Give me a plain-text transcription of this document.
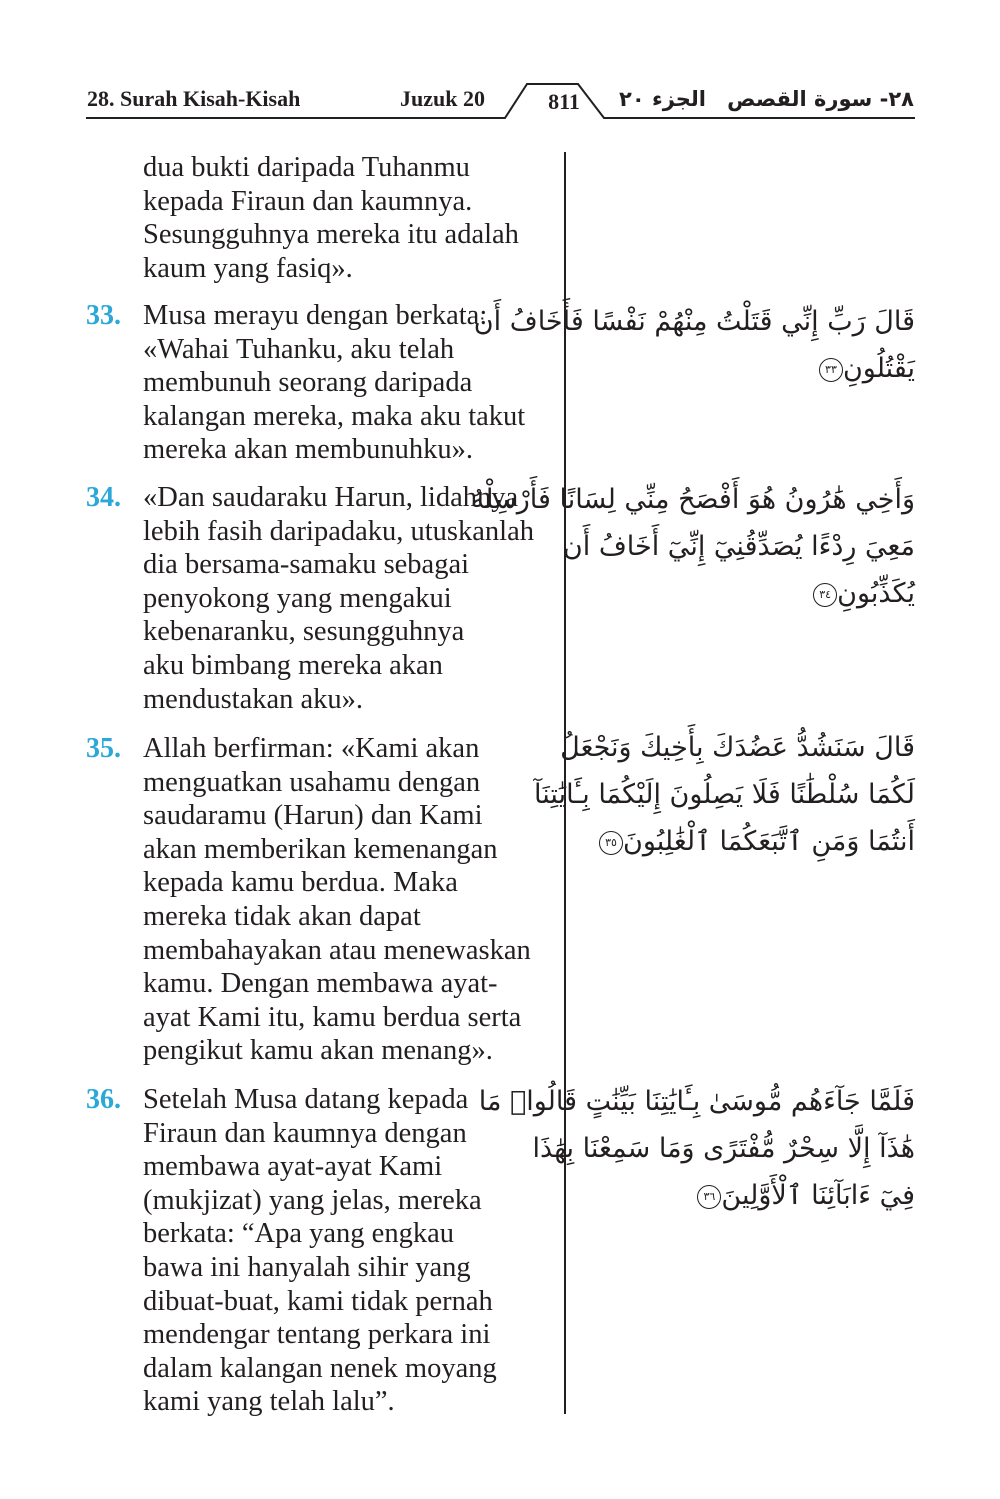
28. Surah Kisah-Kisah	Juzuk 20	811	الجزء ٢٠ ٢٨- سورة القصص
dua bukti daripada Tuhanmu
kepada Firaun dan kaumnya.
Sesungguhnya mereka itu adalah
kaum yang fasiq».
33. Musa merayu dengan berkata:
«Wahai Tuhanku, aku telah
membunuh seorang daripada
kalangan mereka, maka aku takut
mereka akan membunuhku».
قَالَ رَبِّ إِنِّي قَتَلْتُ مِنْهُمْ نَفْسًا فَأَخَافُ أَن
يَقْتُلُونِ٣٣
34. «Dan saudaraku Harun, lidahnya
lebih fasih daripadaku, utuskanlah
dia bersama-samaku sebagai
penyokong yang mengakui
kebenaranku, sesungguhnya
aku bimbang mereka akan
mendustakan aku».
وَأَخِي هَٰرُونُ هُوَ أَفْصَحُ مِنِّي لِسَانًا فَأَرْسِلْهُ
مَعِيَ رِدْءًا يُصَدِّقُنِيٓ إِنِّيٓ أَخَافُ أَن
يُكَذِّبُونِ٣٤
35. Allah berfirman: «Kami akan
menguatkan usahamu dengan
saudaramu (Harun) dan Kami
akan memberikan kemenangan
kepada kamu berdua. Maka
mereka tidak akan dapat
membahayakan atau menewaskan
kamu. Dengan membawa ayat-
ayat Kami itu, kamu berdua serta
pengikut kamu akan menang».
قَالَ سَنَشُدُّ عَضُدَكَ بِأَخِيكَ وَنَجْعَلُ
لَكُمَا سُلْطَٰنًا فَلَا يَصِلُونَ إِلَيْكُمَا بِـَٔايَٰتِنَآ
أَنتُمَا وَمَنِ ٱتَّبَعَكُمَا ٱلْغَٰلِبُونَ٣٥
36. Setelah Musa datang kepada
Firaun dan kaumnya dengan
membawa ayat-ayat Kami
(mukjizat) yang jelas, mereka
berkata: “Apa yang engkau
bawa ini hanyalah sihir yang
dibuat-buat, kami tidak pernah
mendengar tentang perkara ini
dalam kalangan nenek moyang
kami yang telah lalu”.
فَلَمَّا جَآءَهُم مُّوسَىٰ بِـَٔايَٰتِنَا بَيِّنَٰتٍ قَالُوا۟ مَا
هَٰذَآ إِلَّا سِحْرٌ مُّفْتَرًى وَمَا سَمِعْنَا بِهَٰذَا
فِيٓ ءَابَآئِنَا ٱلْأَوَّلِينَ٣٦
